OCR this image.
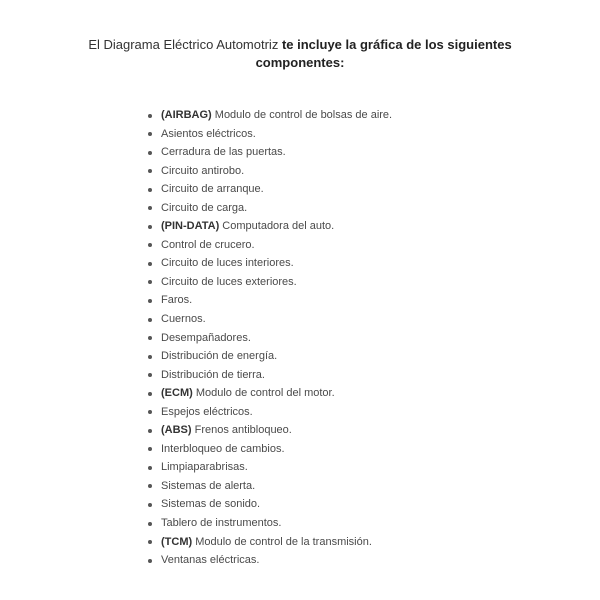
El Diagrama Eléctrico Automotriz te incluye la gráfica de los siguientes componentes:
(AIRBAG) Modulo de control de bolsas de aire.
Asientos eléctricos.
Cerradura de las puertas.
Circuito antirobo.
Circuito de arranque.
Circuito de carga.
(PIN-DATA) Computadora del auto.
Control de crucero.
Circuito de luces interiores.
Circuito de luces exteriores.
Faros.
Cuernos.
Desempañadores.
Distribución de energía.
Distribución de tierra.
(ECM) Modulo de control del motor.
Espejos eléctricos.
(ABS) Frenos antibloqueo.
Interbloqueo de cambios.
Limpiaparabrisas.
Sistemas de alerta.
Sistemas de sonido.
Tablero de instrumentos.
(TCM) Modulo de control de la transmisión.
Ventanas eléctricas.
